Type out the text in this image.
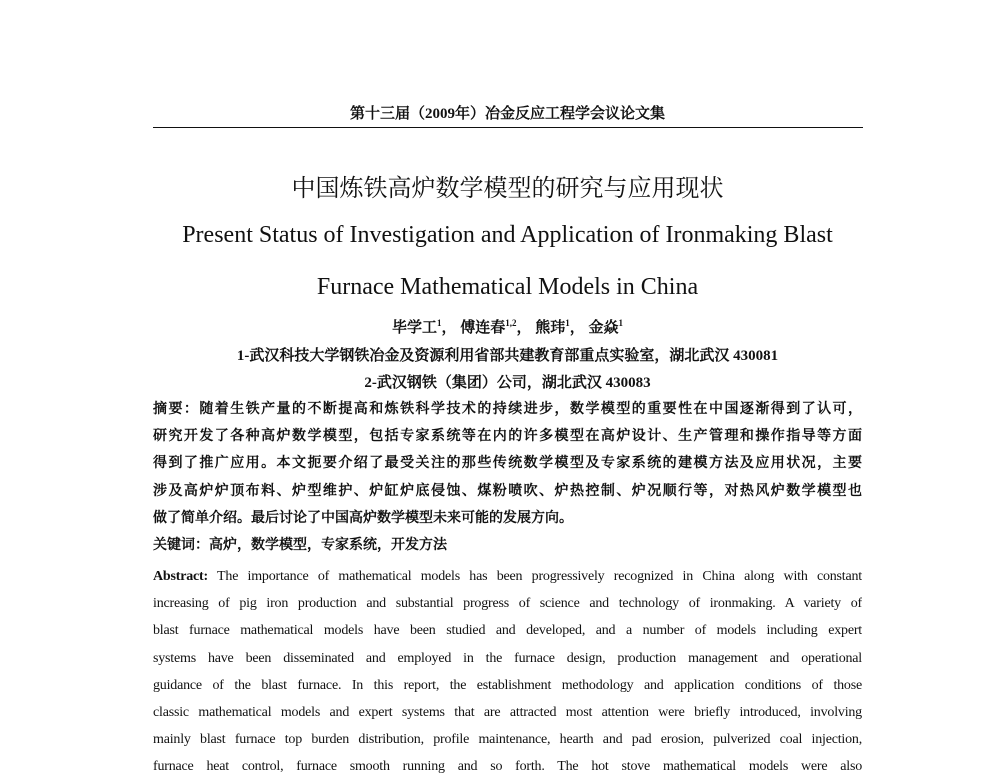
第十三届（2009年）冶金反应工程学会议论文集
中国炼铁高炉数学模型的研究与应用现状
Present Status of Investigation and Application of Ironmaking Blast
Furnace Mathematical Models in China
毕学工$^1$， 傅连春$^{1,2}$， 熊玮$^1$， 金焱$^1$
1-武汉科技大学钢铁冶金及资源利用省部共建教育部重点实验室，湖北武汉 430081
2-武汉钢铁（集团）公司，湖北武汉 430083
摘要：随着生铁产量的不断提高和炼铁科学技术的持续进步，数学模型的重要性在中国逐渐得到了认可，
研究开发了各种高炉数学模型，包括专家系统等在内的许多模型在高炉设计、生产管理和操作指导等方面
得到了推广应用。本文扼要介绍了最受关注的那些传统数学模型及专家系统的建模方法及应用状况，主要
涉及高炉炉顶布料、炉型维护、炉缸炉底侵蚀、煤粉喷吹、炉热控制、炉况顺行等，对热风炉数学模型也
做了简单介绍。最后讨论了中国高炉数学模型未来可能的发展方向。
关键词：高炉，数学模型，专家系统，开发方法
Abstract: The importance of mathematical models has been progressively recognized in China along with constant
increasing of pig iron production and substantial progress of science and technology of ironmaking. A variety of
blast furnace mathematical models have been studied and developed, and a number of models including expert
systems have been disseminated and employed in the furnace design, production management and operational
guidance of the blast furnace. In this report, the establishment methodology and application conditions of those
classic mathematical models and expert systems that are attracted most attention were briefly introduced, involving
mainly blast furnace top burden distribution, profile maintenance, hearth and pad erosion, pulverized coal injection,
furnace heat control, furnace smooth running and so forth. The hot stove mathematical models were also
